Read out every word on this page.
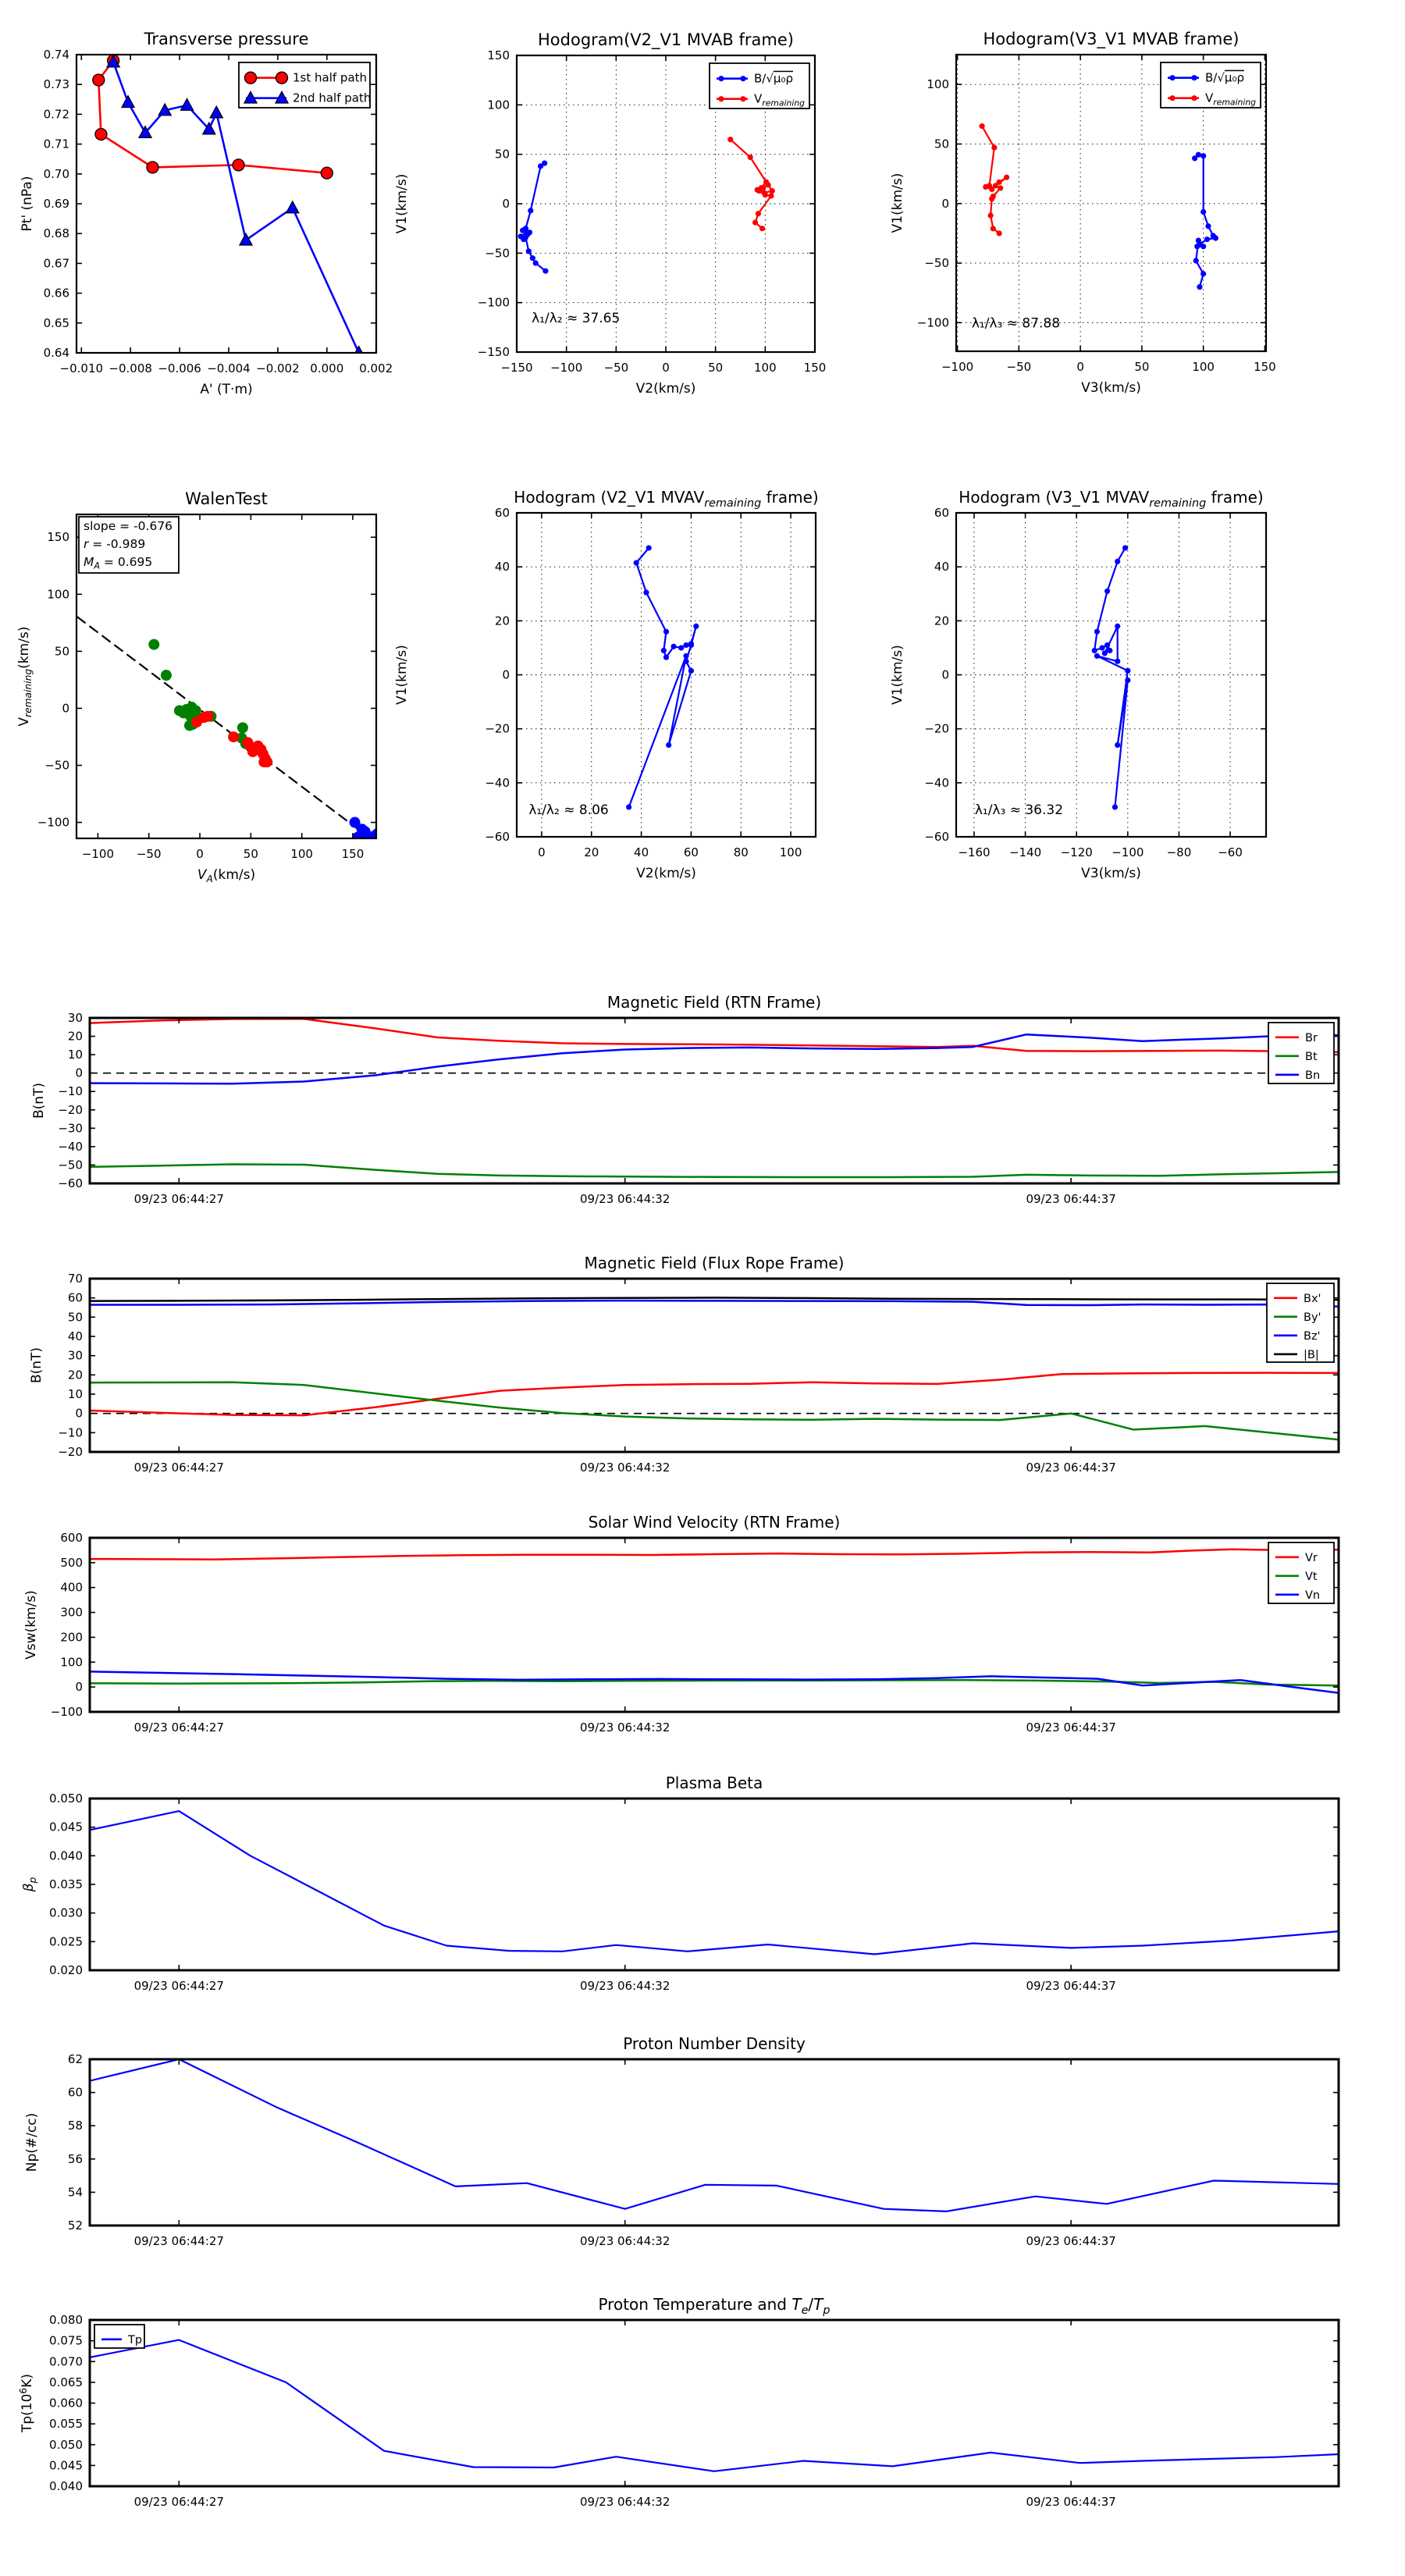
−0.010 −0.008 −0.006 −0.004 −0.002 0.000 0.002
0.64
0.65
0.66
0.67
0.68
0.69
0.70
0.71
0.72
0.73
0.74
Transverse pressure
A' (T·m)
Pt' (nPa)
1st half path
2nd half path
−150 −100 −50	0	50	100 150
150
100
50
0
−50
−100
−150
Hodogram(V2_V1 MVAB frame)
V2(km/s)
V1(km/s)
λ₁/λ₂ ≈ 37.65
B/√μ₀ρ
$V_{remaining}$
−100	−50	0	50	100	150
100
50
0
−50
−100
Hodogram(V3_V1 MVAB frame)
V3(km/s)
V1(km/s)
λ₁/λ₃ ≈ 87.88
B/√μ₀ρ
$V_{remaining}$
−100 −50	0	50	100 150
150
100
50
0
−50
−100
WalenTest
$V_A(km/s)$
$V_{remaining}(km/s)$
slope = -0.676
r = -0.989
$M_A = 0.695$
0	20	40	60	80	100
60
40
20
0
−20
−40
−60
Hodogram (V2_V1 $MVAV_{remaining}$ frame)
V2(km/s)
V1(km/s)
λ₁/λ₂ ≈ 8.06
−160 −140 −120 −100 −80 −60
60
40
20
0
−20
−40
−60
Hodogram (V3_V1 $MVAV_{remaining}$ frame)
V3(km/s)
V1(km/s)
λ₁/λ₃ ≈ 36.32
09/23 06:44:27	09/23 06:44:32	09/23 06:44:37
30
20
10
0
−10
−20
−30
−40
−50
−60
Magnetic Field (RTN Frame)
B(nT)
Br
Bt
Bn
09/23 06:44:27	09/23 06:44:32	09/23 06:44:37
70
60
50
40
30
20
10
0
−10
−20
Magnetic Field (Flux Rope Frame)
B(nT)
Bx'
By'
Bz'
|B|
09/23 06:44:27	09/23 06:44:32	09/23 06:44:37
600
500
400
300
200
100
0
−100
Solar Wind Velocity (RTN Frame)
Vsw(km/s)
Vr
Vt
Vn
09/23 06:44:27	09/23 06:44:32	09/23 06:44:37
0.050
0.045
0.040
0.035
0.030
0.025
0.020
Plasma Beta
$\beta_p$
09/23 06:44:27	09/23 06:44:32	09/23 06:44:37
62
60
58
56
54
52
Proton Number Density
Np(#/cc)
09/23 06:44:27	09/23 06:44:32	09/23 06:44:37
0.080
0.075
0.070
0.065
0.060
0.055
0.050
0.045
0.040
Proton Temperature and $T_e/T_p$
$Tp(10^6K)$
Tp
